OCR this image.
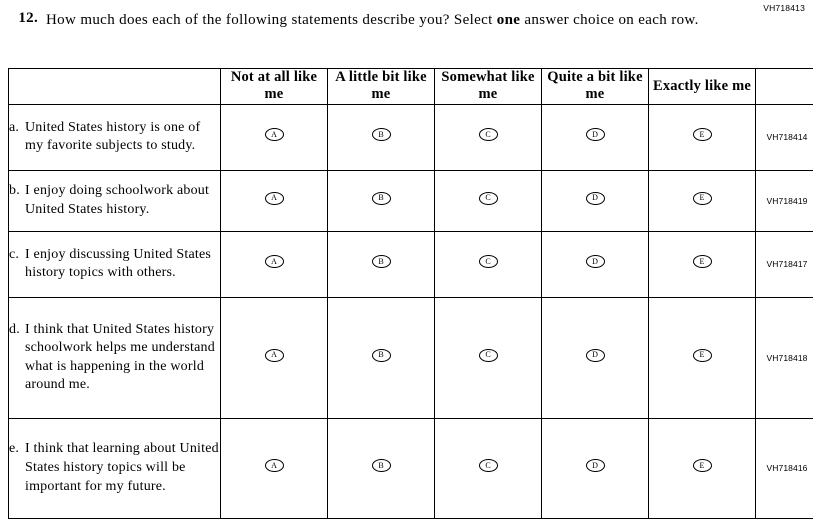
VH718413
12. How much does each of the following statements describe you? Select one answer choice on each row.
	Not at all like me	A little bit like me	Somewhat like me	Quite a bit like me	Exactly like me	

a. United States history is one of my favorite subjects to study.	A	B	C	D	E	VH718414

b. I enjoy doing schoolwork about United States history.	A	B	C	D	E	VH718419

c. I enjoy discussing United States history topics with others.	A	B	C	D	E	VH718417

d. I think that United States history schoolwork helps me understand what is happening in the world around me.	A	B	C	D	E	VH718418

e. I think that learning about United States history topics will be important for my future.	A	B	C	D	E	VH718416
